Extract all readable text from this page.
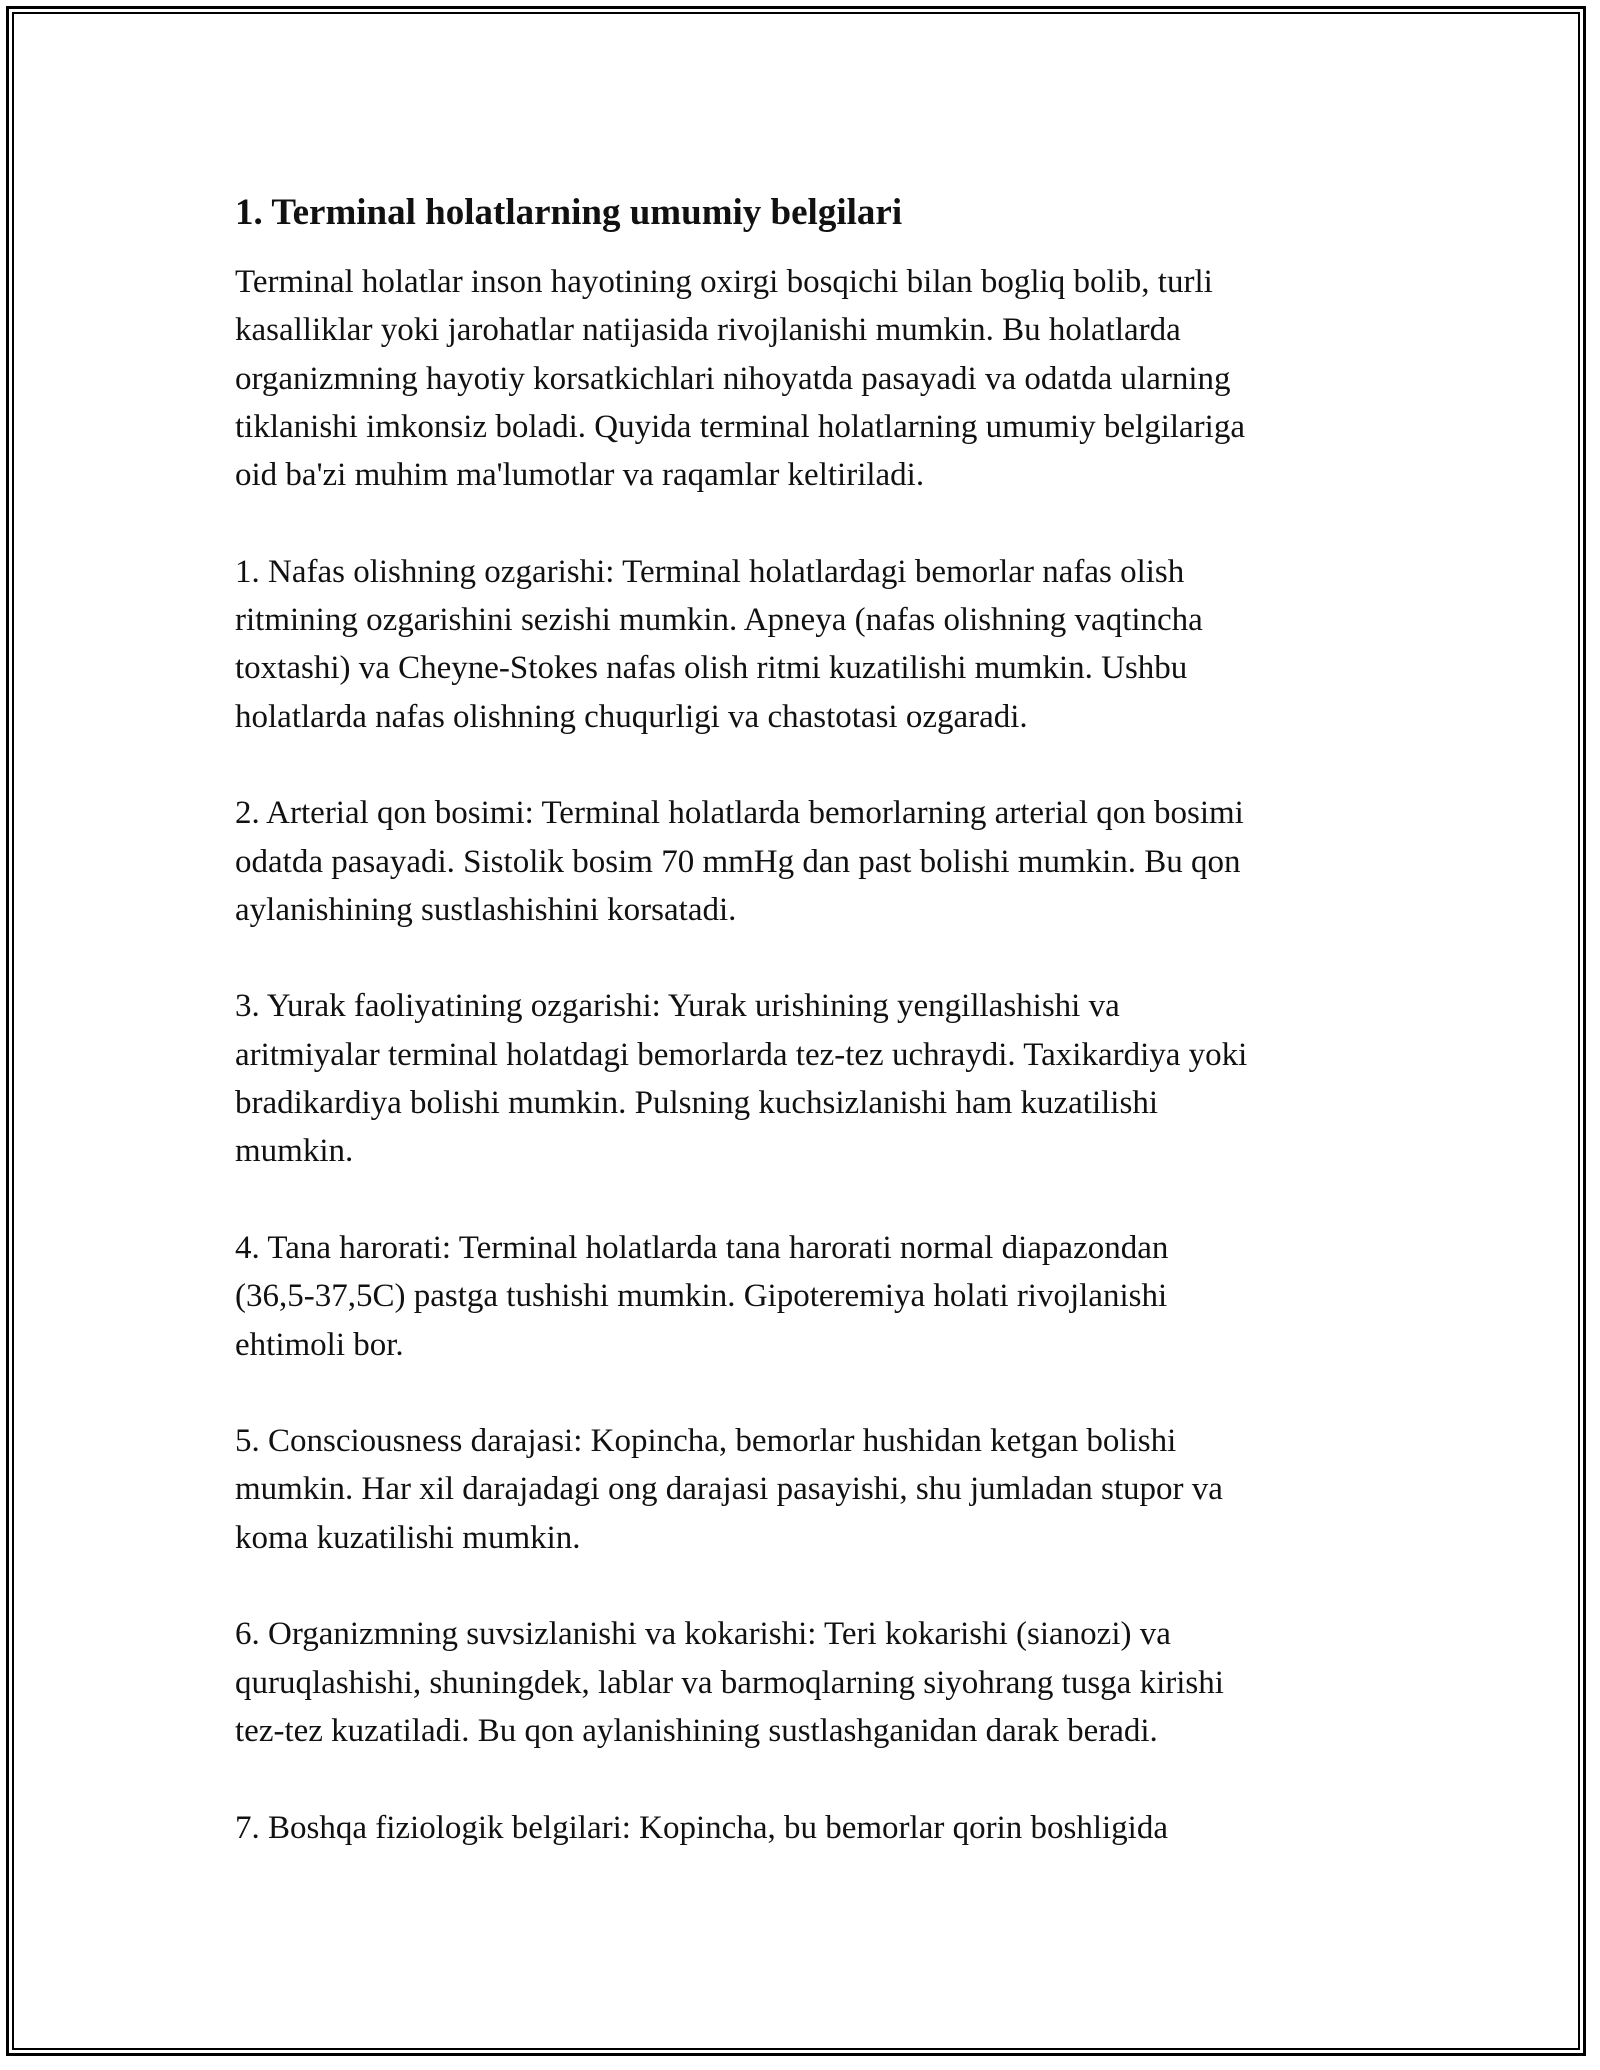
1. Terminal holatlarning umumiy belgilari

Terminal holatlar inson hayotining oxirgi bosqichi bilan bogliq bolib, turli
kasalliklar yoki jarohatlar natijasida rivojlanishi mumkin. Bu holatlarda
organizmning hayotiy korsatkichlari nihoyatda pasayadi va odatda ularning
tiklanishi imkonsiz boladi. Quyida terminal holatlarning umumiy belgilariga
oid ba'zi muhim ma'lumotlar va raqamlar keltiriladi.

1. Nafas olishning ozgarishi: Terminal holatlardagi bemorlar nafas olish
ritmining ozgarishini sezishi mumkin. Apneya (nafas olishning vaqtincha
toxtashi) va Cheyne-Stokes nafas olish ritmi kuzatilishi mumkin. Ushbu
holatlarda nafas olishning chuqurligi va chastotasi ozgaradi.

2. Arterial qon bosimi: Terminal holatlarda bemorlarning arterial qon bosimi
odatda pasayadi. Sistolik bosim 70 mmHg dan past bolishi mumkin. Bu qon
aylanishining sustlashishini korsatadi.

3. Yurak faoliyatining ozgarishi: Yurak urishining yengillashishi va
aritmiyalar terminal holatdagi bemorlarda tez-tez uchraydi. Taxikardiya yoki
bradikardiya bolishi mumkin. Pulsning kuchsizlanishi ham kuzatilishi
mumkin.

4. Tana harorati: Terminal holatlarda tana harorati normal diapazondan
(36,5-37,5C) pastga tushishi mumkin. Gipoteremiya holati rivojlanishi
ehtimoli bor.

5. Consciousness darajasi: Kopincha, bemorlar hushidan ketgan bolishi
mumkin. Har xil darajadagi ong darajasi pasayishi, shu jumladan stupor va
koma kuzatilishi mumkin.

6. Organizmning suvsizlanishi va kokarishi: Teri kokarishi (sianozi) va
quruqlashishi, shuningdek, lablar va barmoqlarning siyohrang tusga kirishi
tez-tez kuzatiladi. Bu qon aylanishining sustlashganidan darak beradi.

7. Boshqa fiziologik belgilari: Kopincha, bu bemorlar qorin boshligida
